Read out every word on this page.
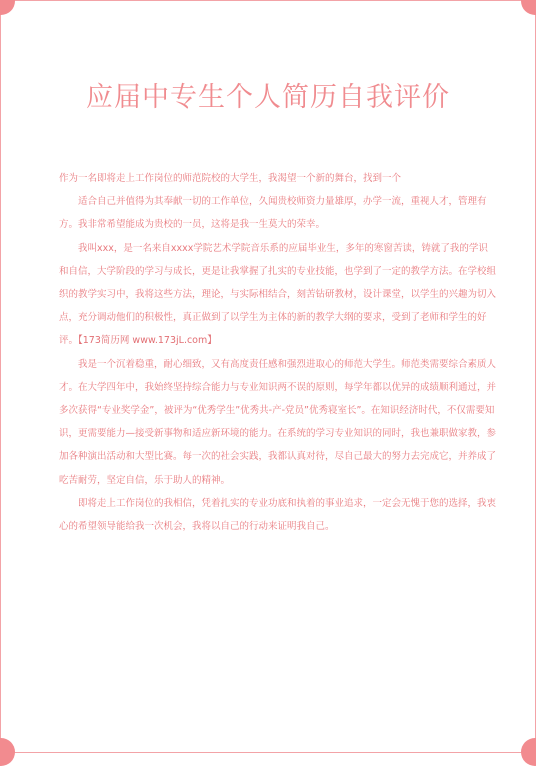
应届中专生个人简历自我评价

作为一名即将走上工作岗位的师范院校的大学生，我渴望一个新的舞台，找到一个

适合自己并值得为其奉献一切的工作单位，久闻贵校师资力量雄厚，办学一流，重视人才，管理有方。我非常希望能成为贵校的一员，这将是我一生莫大的荣幸。

我叫xxx，是一名来自xxxx学院艺术学院音乐系的应届毕业生，多年的寒窗苦读，铸就了我的学识和自信，大学阶段的学习与成长，更是让我掌握了扎实的专业技能，也学到了一定的教学方法。在学校组织的教学实习中，我将这些方法，理论，与实际相结合，刻苦钻研教材，设计课堂，以学生的兴趣为切入点，充分调动他们的积极性，真正做到了以学生为主体的新的教学大纲的要求，受到了老师和学生的好评。【173简历网 www.173jL.com】

我是一个沉着稳重，耐心细致，又有高度责任感和强烈进取心的师范大学生。师范类需要综合素质人才。在大学四年中，我始终坚持综合能力与专业知识两不误的原则，每学年都以优异的成绩顺利通过，并多次获得“专业奖学金”，被评为“优秀学生”优秀共-产-党员”优秀寝室长”。在知识经济时代，不仅需要知识，更需要能力—接受新事物和适应新环境的能力。在系统的学习专业知识的同时，我也兼职做家教，参加各种演出活动和大型比赛。每一次的社会实践，我都认真对待，尽自己最大的努力去完成它，并养成了吃苦耐劳，坚定自信，乐于助人的精神。

即将走上工作岗位的我相信，凭着扎实的专业功底和执着的事业追求，一定会无愧于您的选择，我衷心的希望领导能给我一次机会，我将以自己的行动来证明我自己。
